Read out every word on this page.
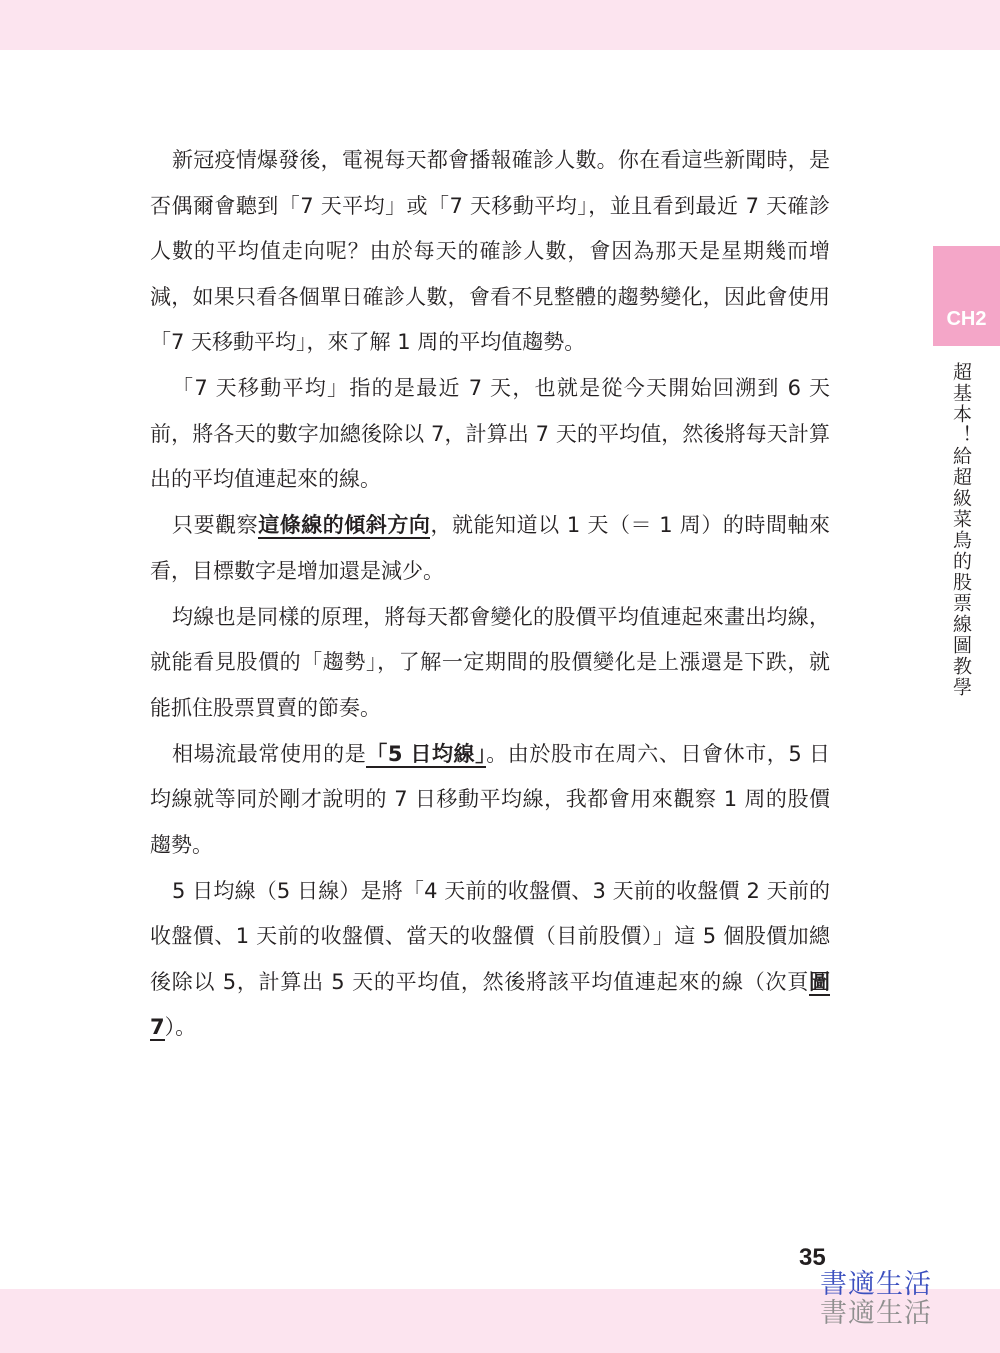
CH2
超基本！給超級菜鳥的股票線圖教學

新冠疫情爆發後，電視每天都會播報確診人數。你在看這些新聞時，是否偶爾會聽到「7 天平均」或「7 天移動平均」，並且看到最近 7 天確診人數的平均值走向呢？由於每天的確診人數，會因為那天是星期幾而增減，如果只看各個單日確診人數，會看不見整體的趨勢變化，因此會使用「7 天移動平均」，來了解 1 周的平均值趨勢。

「7 天移動平均」指的是最近 7 天，也就是從今天開始回溯到 6 天前，將各天的數字加總後除以 7，計算出 7 天的平均值，然後將每天計算出的平均值連起來的線。

只要觀察這條線的傾斜方向，就能知道以 1 天（＝ 1 周）的時間軸來看，目標數字是增加還是減少。

均線也是同樣的原理，將每天都會變化的股價平均值連起來畫出均線，就能看見股價的「趨勢」，了解一定期間的股價變化是上漲還是下跌，就能抓住股票買賣的節奏。

相場流最常使用的是「5 日均線」。由於股市在周六、日會休市，5 日均線就等同於剛才說明的 7 日移動平均線，我都會用來觀察 1 周的股價趨勢。

5 日均線（5 日線）是將「4 天前的收盤價、3 天前的收盤價 2 天前的收盤價、1 天前的收盤價、當天的收盤價（目前股價）」這 5 個股價加總後除以 5，計算出 5 天的平均值，然後將該平均值連起來的線（次頁圖 7）。

35
書適生活
書適生活
